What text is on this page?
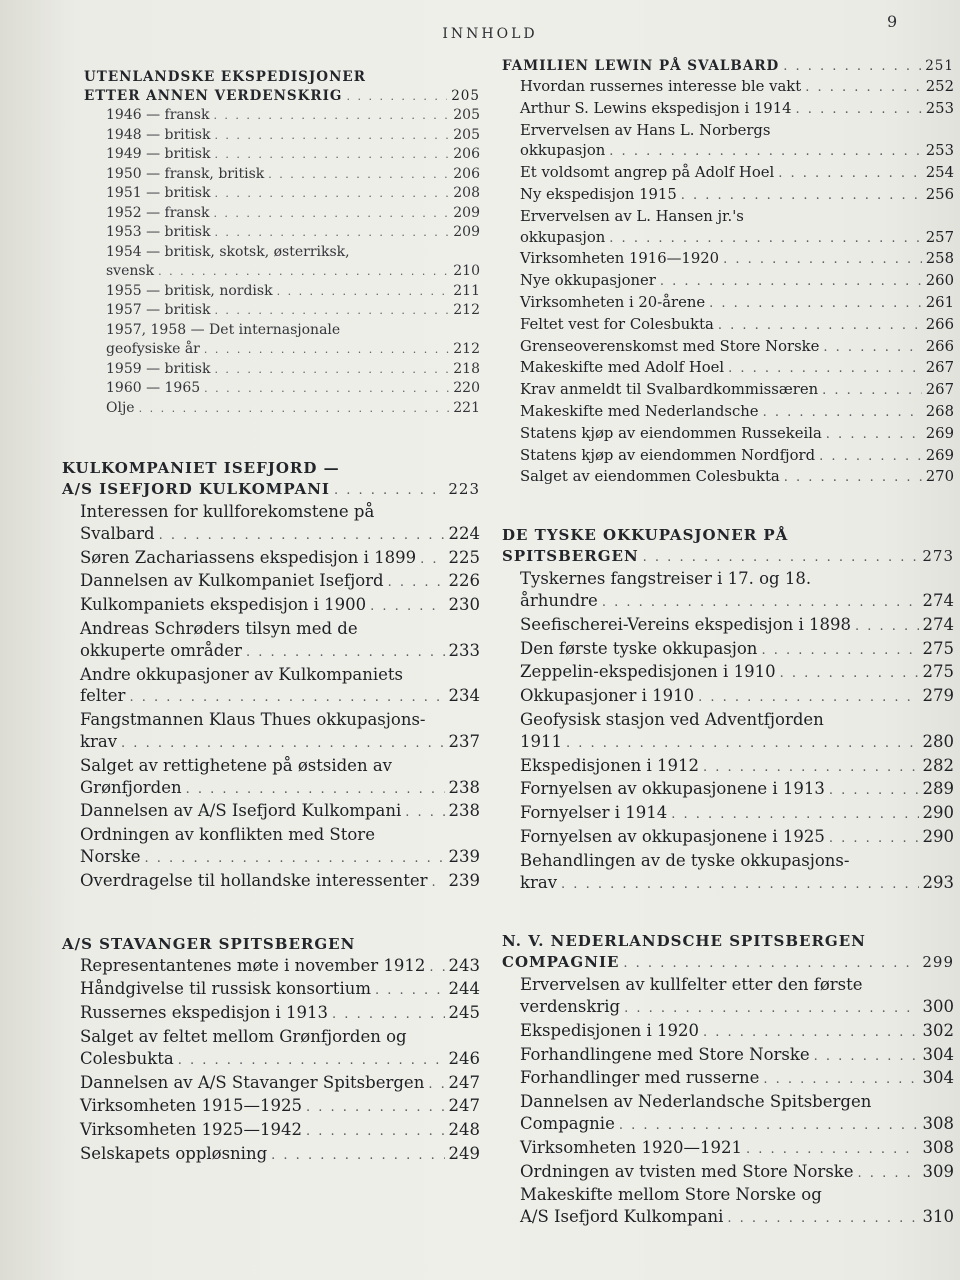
INNHOLD
9
UTENLANDSKE EKSPEDISJONER
ETTER ANNEN VERDENSKRIG . . .	205
1946 — fransk . . .	205
1948 — britisk . . .	205
1949 — britisk . . .	206
1950 — fransk, britisk . . .	206
1951 — britisk . . .	208
1952 — fransk . . .	209
1953 — britisk . . .	209
1954 — britisk, skotsk, østerriksk,
svensk . . .	210
1955 — britisk, nordisk . . .	211
1957 — britisk . . .	212
1957, 1958 — Det internasjonale
geofysiske år . . .	212
1959 — britisk . . .	218
1960 — 1965 . . .	220
Olje . . .	221
KULKOMPANIET ISEFJORD —
A/S ISEFJORD KULKOMPANI . . .	223
Interessen for kullforekomstene på
Svalbard . . .	224
Søren Zachariassens ekspedisjon i 1899 . . . 225
Dannelsen av Kulkompaniet Isefjord . . .	226
Kulkompaniets ekspedisjon i 1900 . . .	230
Andreas Schrøders tilsyn med de
okkuperte områder . . .	233
Andre okkupasjoner av Kulkompaniets
felter . . .	234
Fangstmannen Klaus Thues okkupasjons-
krav . . .	237
Salget av rettighetene på østsiden av
Grønfjorden . . .	238
Dannelsen av A/S Isefjord Kulkompani . . .	238
Ordningen av konflikten med Store
Norske . . .	239
Overdragelse til hollandske interessenter . . . 239
A/S STAVANGER SPITSBERGEN
Representantenes møte i november 1912 . . . 243
Håndgivelse til russisk konsortium . . .	244
Russernes ekspedisjon i 1913 . . .	245
Salget av feltet mellom Grønfjorden og
Colesbukta . . .	246
Dannelsen av A/S Stavanger Spitsbergen . . . 247
Virksomheten 1915—1925 . . .	247
Virksomheten 1925—1942 . . .	248
Selskapets oppløsning . . .	249
FAMILIEN LEWIN PÅ SVALBARD . . .	251
Hvordan russernes interesse ble vakt . . .	252
Arthur S. Lewins ekspedisjon i 1914 . . .	253
Ervervelsen av Hans L. Norbergs
okkupasjon . . .	253
Et voldsomt angrep på Adolf Hoel . . .	254
Ny ekspedisjon 1915 . . .	256
Ervervelsen av L. Hansen jr.'s
okkupasjon . . .	257
Virksomheten 1916—1920 . . .	258
Nye okkupasjoner . . .	260
Virksomheten i 20-årene . . .	261
Feltet vest for Colesbukta . . .	266
Grenseoverenskomst med Store Norske . . .	266
Makeskifte med Adolf Hoel . . .	267
Krav anmeldt til Svalbardkommissæren . . .	267
Makeskifte med Nederlandsche . . .	268
Statens kjøp av eiendommen Russekeila . . .	269
Statens kjøp av eiendommen Nordfjord . . .	269
Salget av eiendommen Colesbukta . . .	270
DE TYSKE OKKUPASJONER PÅ
SPITSBERGEN . . .	273
Tyskernes fangstreiser i 17. og 18.
århundre . . .	274
Seefischerei-Vereins ekspedisjon i 1898 . . .	274
Den første tyske okkupasjon . . .	275
Zeppelin-ekspedisjonen i 1910 . . .	275
Okkupasjoner i 1910 . . .	279
Geofysisk stasjon ved Adventfjorden
1911 . . .	280
Ekspedisjonen i 1912 . . .	282
Fornyelsen av okkupasjonene i 1913 . . .	289
Fornyelser i 1914 . . .	290
Fornyelsen av okkupasjonene i 1925 . . .	290
Behandlingen av de tyske okkupasjons-
krav . . .	293
N. V. NEDERLANDSCHE SPITSBERGEN
COMPAGNIE . . .	299
Ervervelsen av kullfelter etter den første
verdenskrig . . .	300
Ekspedisjonen i 1920 . . .	302
Forhandlingene med Store Norske . . .	304
Forhandlinger med russerne . . .	304
Dannelsen av Nederlandsche Spitsbergen
Compagnie . . .	308
Virksomheten 1920—1921 . . .	308
Ordningen av tvisten med Store Norske . . .	309
Makeskifte mellom Store Norske og
A/S Isefjord Kulkompani . . .	310
